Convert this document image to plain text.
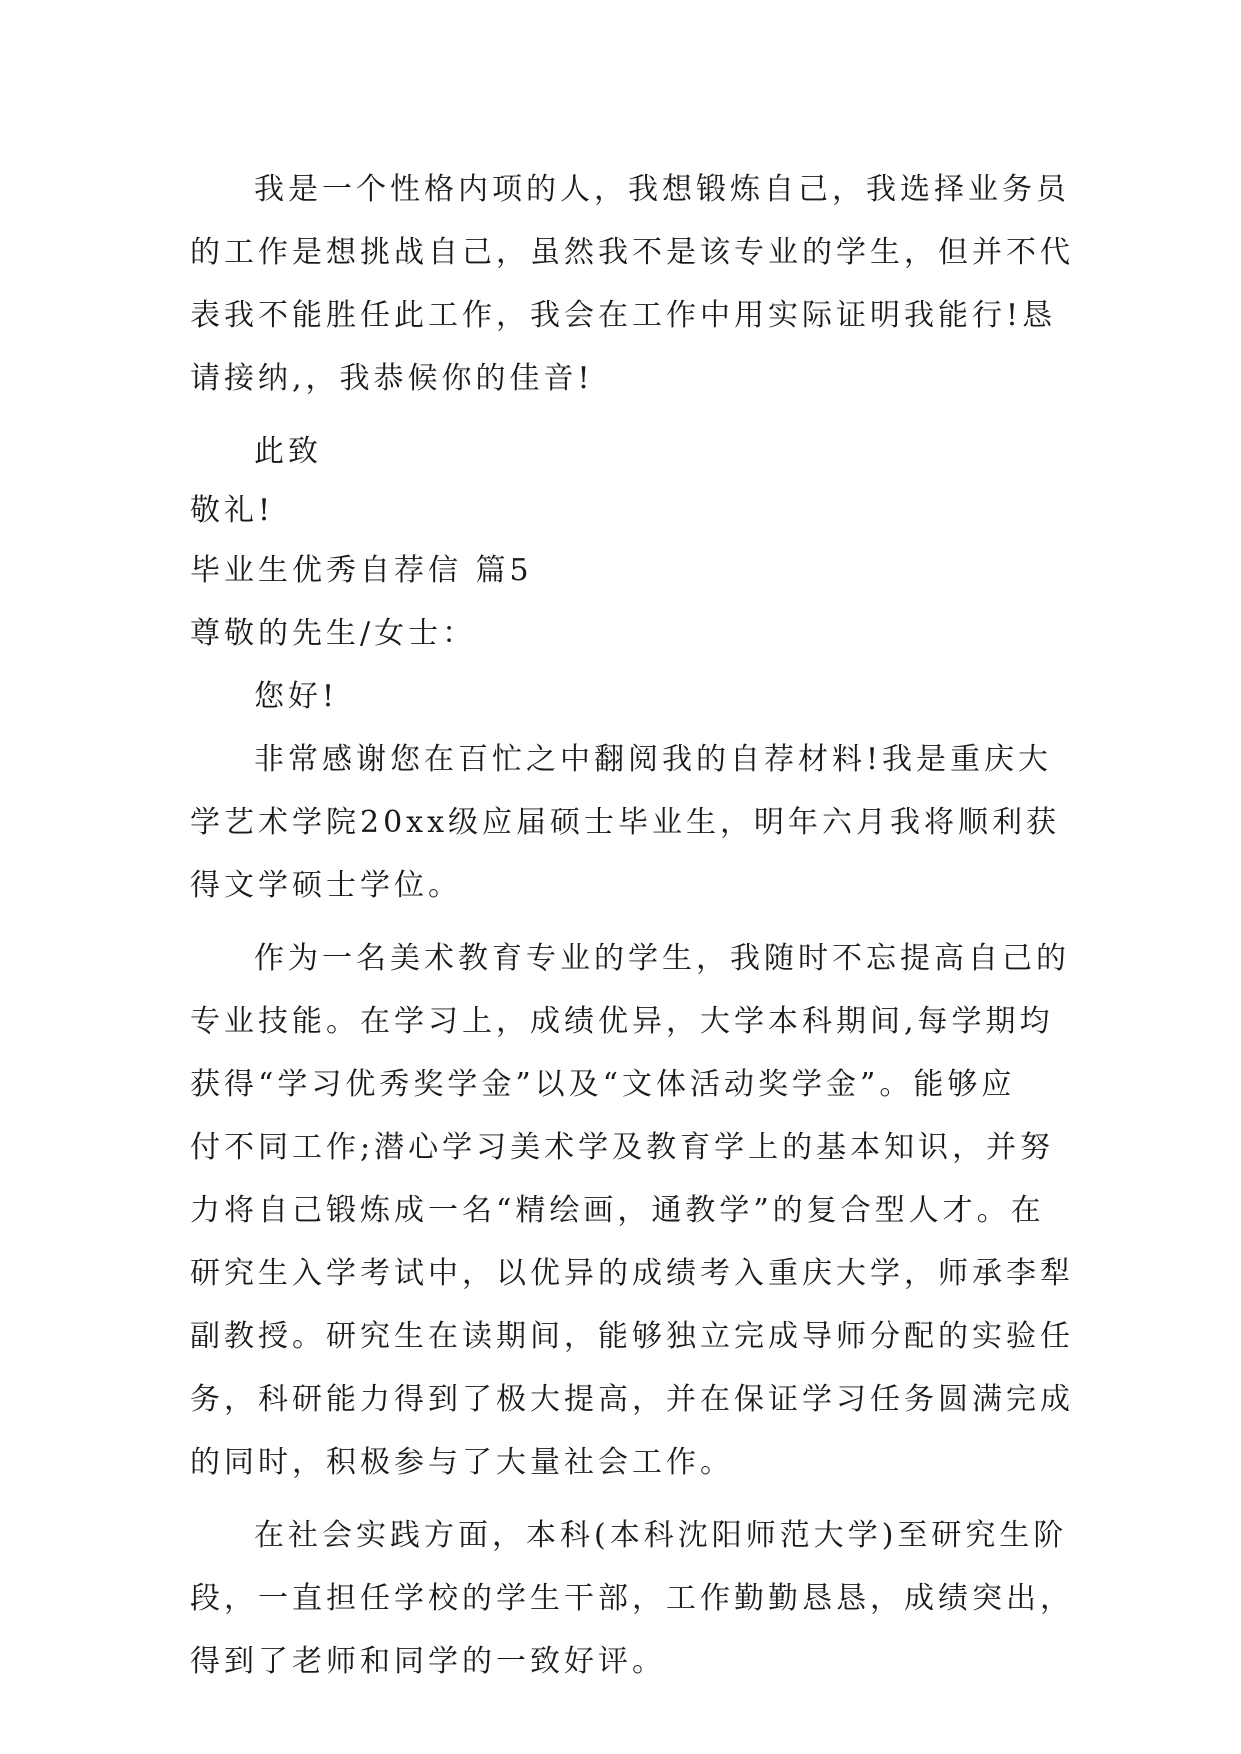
我是一个性格内项的人，我想锻炼自己，我选择业务员
的工作是想挑战自己，虽然我不是该专业的学生，但并不代
表我不能胜任此工作，我会在工作中用实际证明我能行!恳
请接纳,，我恭候你的佳音!
此致
敬礼!
毕业生优秀自荐信 篇5
尊敬的先生/女士：
您好!
非常感谢您在百忙之中翻阅我的自荐材料!我是重庆大
学艺术学院20xx级应届硕士毕业生，明年六月我将顺利获
得文学硕士学位。
作为一名美术教育专业的学生，我随时不忘提高自己的
专业技能。在学习上，成绩优异，大学本科期间,每学期均
获得“学习优秀奖学金”以及“文体活动奖学金”。能够应
付不同工作;潜心学习美术学及教育学上的基本知识，并努
力将自己锻炼成一名“精绘画，通教学”的复合型人才。在
研究生入学考试中，以优异的成绩考入重庆大学，师承李犁
副教授。研究生在读期间，能够独立完成导师分配的实验任
务，科研能力得到了极大提高，并在保证学习任务圆满完成
的同时，积极参与了大量社会工作。
在社会实践方面，本科(本科沈阳师范大学)至研究生阶
段，一直担任学校的学生干部，工作勤勤恳恳，成绩突出，
得到了老师和同学的一致好评。
